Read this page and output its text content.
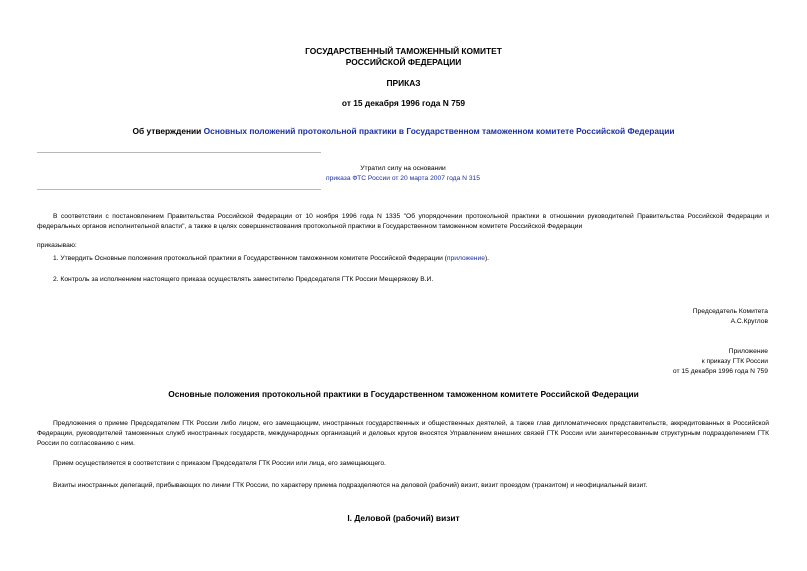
ГОСУДАРСТВЕННЫЙ ТАМОЖЕННЫЙ КОМИТЕТ
РОССИЙСКОЙ ФЕДЕРАЦИИ
ПРИКАЗ
от 15 декабря 1996 года N 759
Об утверждении Основных положений протокольной практики в Государственном таможенном комитете Российской Федерации
Утратил силу на основании
приказа ФТС России от 20 марта 2007 года N 315
В соответствии с постановлением Правительства Российской Федерации от 10 ноября 1996 года N 1335 "Об упорядочении протокольной практики в отношении руководителей Правительства Российской Федерации и федеральных органов исполнительной власти", а также в целях совершенствования протокольной практики в Государственном таможенном комитете Российской Федерации
приказываю:
1. Утвердить Основные положения протокольной практики в Государственном таможенном комитете Российской Федерации (приложение).
2. Контроль за исполнением настоящего приказа осуществлять заместителю Председателя ГТК России Мещерякову В.И.
Председатель Комитета
А.С.Круглов
Приложение
к приказу ГТК России
от 15 декабря 1996 года N 759
Основные положения протокольной практики в Государственном таможенном комитете Российской Федерации
Предложения о приеме Председателем ГТК России либо лицом, его замещающим, иностранных государственных и общественных деятелей, а также глав дипломатических представительств, аккредитованных в Российской Федерации, руководителей таможенных служб иностранных государств, международных организаций и деловых кругов вносятся Управлением внешних связей ГТК России или заинтересованным структурным подразделением ГТК России по согласованию с ним.
Прием осуществляется в соответствии с приказом Председателя ГТК России или лица, его замещающего.
Визиты иностранных делегаций, прибывающих по линии ГТК России, по характеру приема подразделяются на деловой (рабочий) визит, визит проездом (транзитом) и неофициальный визит.
I. Деловой (рабочий) визит
